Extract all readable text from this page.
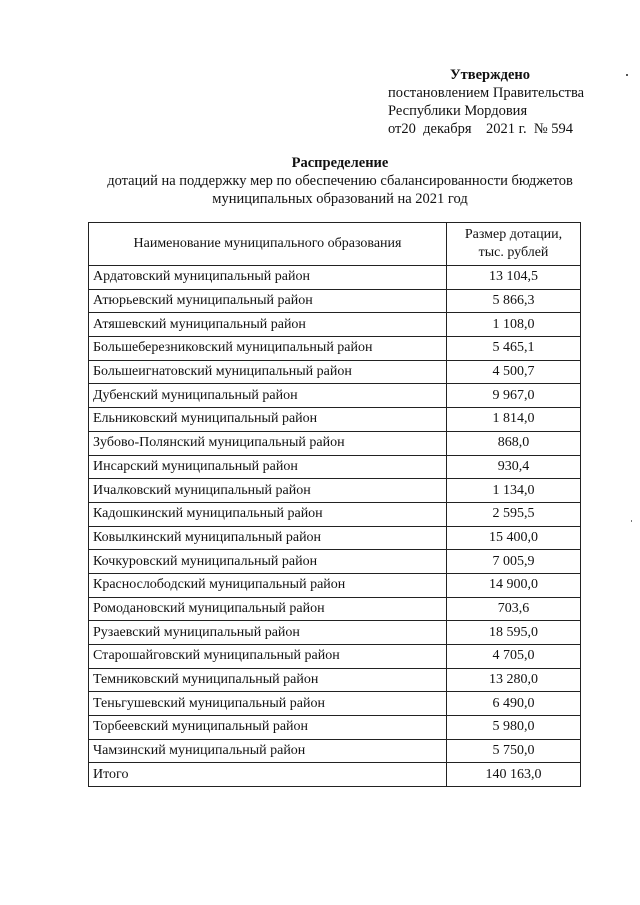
Утверждено
постановлением Правительства
Республики Мордовия
от20  декабря    2021 г.  № 594
Распределение
дотаций на поддержку мер по обеспечению сбалансированности бюджетов
муниципальных образований на 2021 год
Наименование муниципального образования	Размер дотации,
тыс. рублей

Ардатовский муниципальный район	13 104,5
Атюрьевский муниципальный район	5 866,3
Атяшевский муниципальный район	1 108,0
Большеберезниковский муниципальный район	5 465,1
Большеигнатовский муниципальный район	4 500,7
Дубенский муниципальный район	9 967,0
Ельниковский муниципальный район	1 814,0
Зубово-Полянский муниципальный район	868,0
Инсарский муниципальный район	930,4
Ичалковский муниципальный район	1 134,0
Кадошкинский муниципальный район	2 595,5
Ковылкинский муниципальный район	15 400,0
Кочкуровский муниципальный район	7 005,9
Краснослободский муниципальный район	14 900,0
Ромодановский муниципальный район	703,6
Рузаевский муниципальный район	18 595,0
Старошайговский муниципальный район	4 705,0
Темниковский муниципальный район	13 280,0
Теньгушевский муниципальный район	6 490,0
Торбеевский муниципальный район	5 980,0
Чамзинский муниципальный район	5 750,0
Итого	140 163,0
